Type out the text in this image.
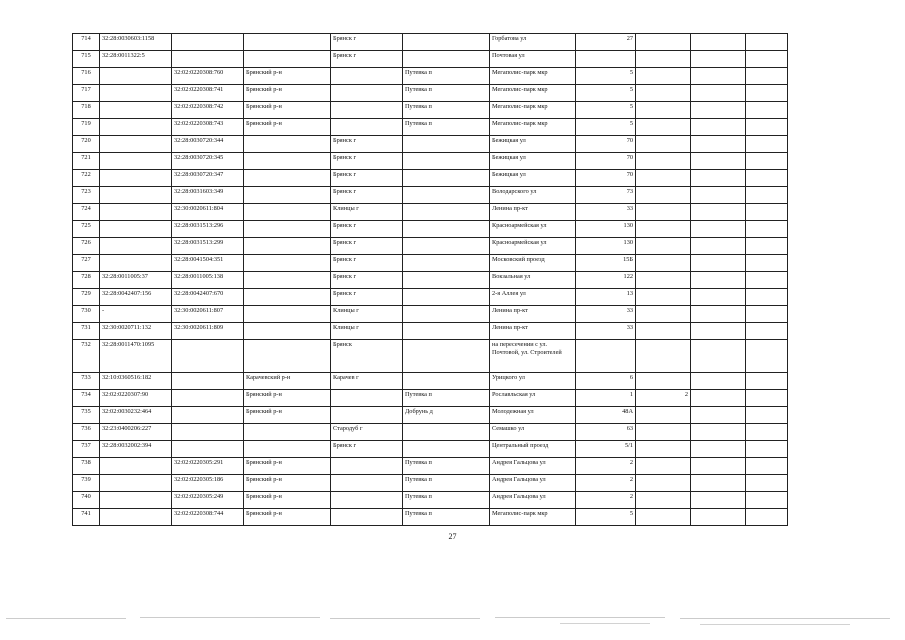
714	32:28:0030603:1158			Брянск г		Горбатова ул	27			
715	32:28:0011322:5			Брянск г		Почтовая ул				
716		32:02:0220308:760	Брянский р-н		Путевка п	Мегаполис-парк мкр	5			
717		32:02:0220308:741	Брянский р-н		Путевка п	Мегаполис-парк мкр	5			
718		32:02:0220308:742	Брянский р-н		Путевка п	Мегаполис-парк мкр	5			
719		32:02:0220308:743	Брянский р-н		Путевка п	Мегаполис-парк мкр	5			
720		32:28:0030720:344		Брянск г		Бежицкая ул	70			
721		32:28:0030720:345		Брянск г		Бежицкая ул	70			
722		32:28:0030720:347		Брянск г		Бежицкая ул	70			
723		32:28:0031603:349		Брянск г		Володарского ул	73			
724		32:30:0020611:804		Клинцы г		Ленина пр-кт	33			
725		32:28:0031513:296		Брянск г		Красноармейская ул	130			
726		32:28:0031513:299		Брянск г		Красноармейская ул	130			
727		32:28:0041504:351		Брянск г		Московский проезд	15Б			
728	32:28:0011005:37	32:28:0011005:138		Брянск г		Вокзальная ул	122			
729	32:28:0042407:156	32:28:0042407:670		Брянск г		2-я Аллея ул	13			
730	-	32:30:0020611:807		Клинцы г		Ленина пр-кт	33			
731	32:30:0020711:132	32:30:0020611:809		Клинцы г		Ленина пр-кт	33			
732	32:28:0011470:1095			Брянск		на пересечении с ул. Почтовой, ул. Строителей				
733	32:10:0360516:182		Карачевский р-н	Карачев г		Урицкого ул	6			
734	32:02:0220307:90		Брянский р-н		Путевка п	Рославльская ул	1	2		
735	32:02:0030232:464		Брянский р-н		Добрунь д	Молодежная ул	48А			
736	32:23:0400206:227			Стародуб г		Семашко ул	63			
737	32:28:0032002:394			Брянск г		Центральный проезд	5/1			
738		32:02:0220305:291	Брянский р-н		Путевка п	Андрея Гальцова ул	2			
739		32:02:0220305:186	Брянский р-н		Путевка п	Андрея Гальцова ул	2			
740		32:02:0220305:249	Брянский р-н		Путевка п	Андрея Гальцова ул	2			
741		32:02:0220308:744	Брянский р-н		Путевка п	Мегаполис-парк мкр	5			
27
